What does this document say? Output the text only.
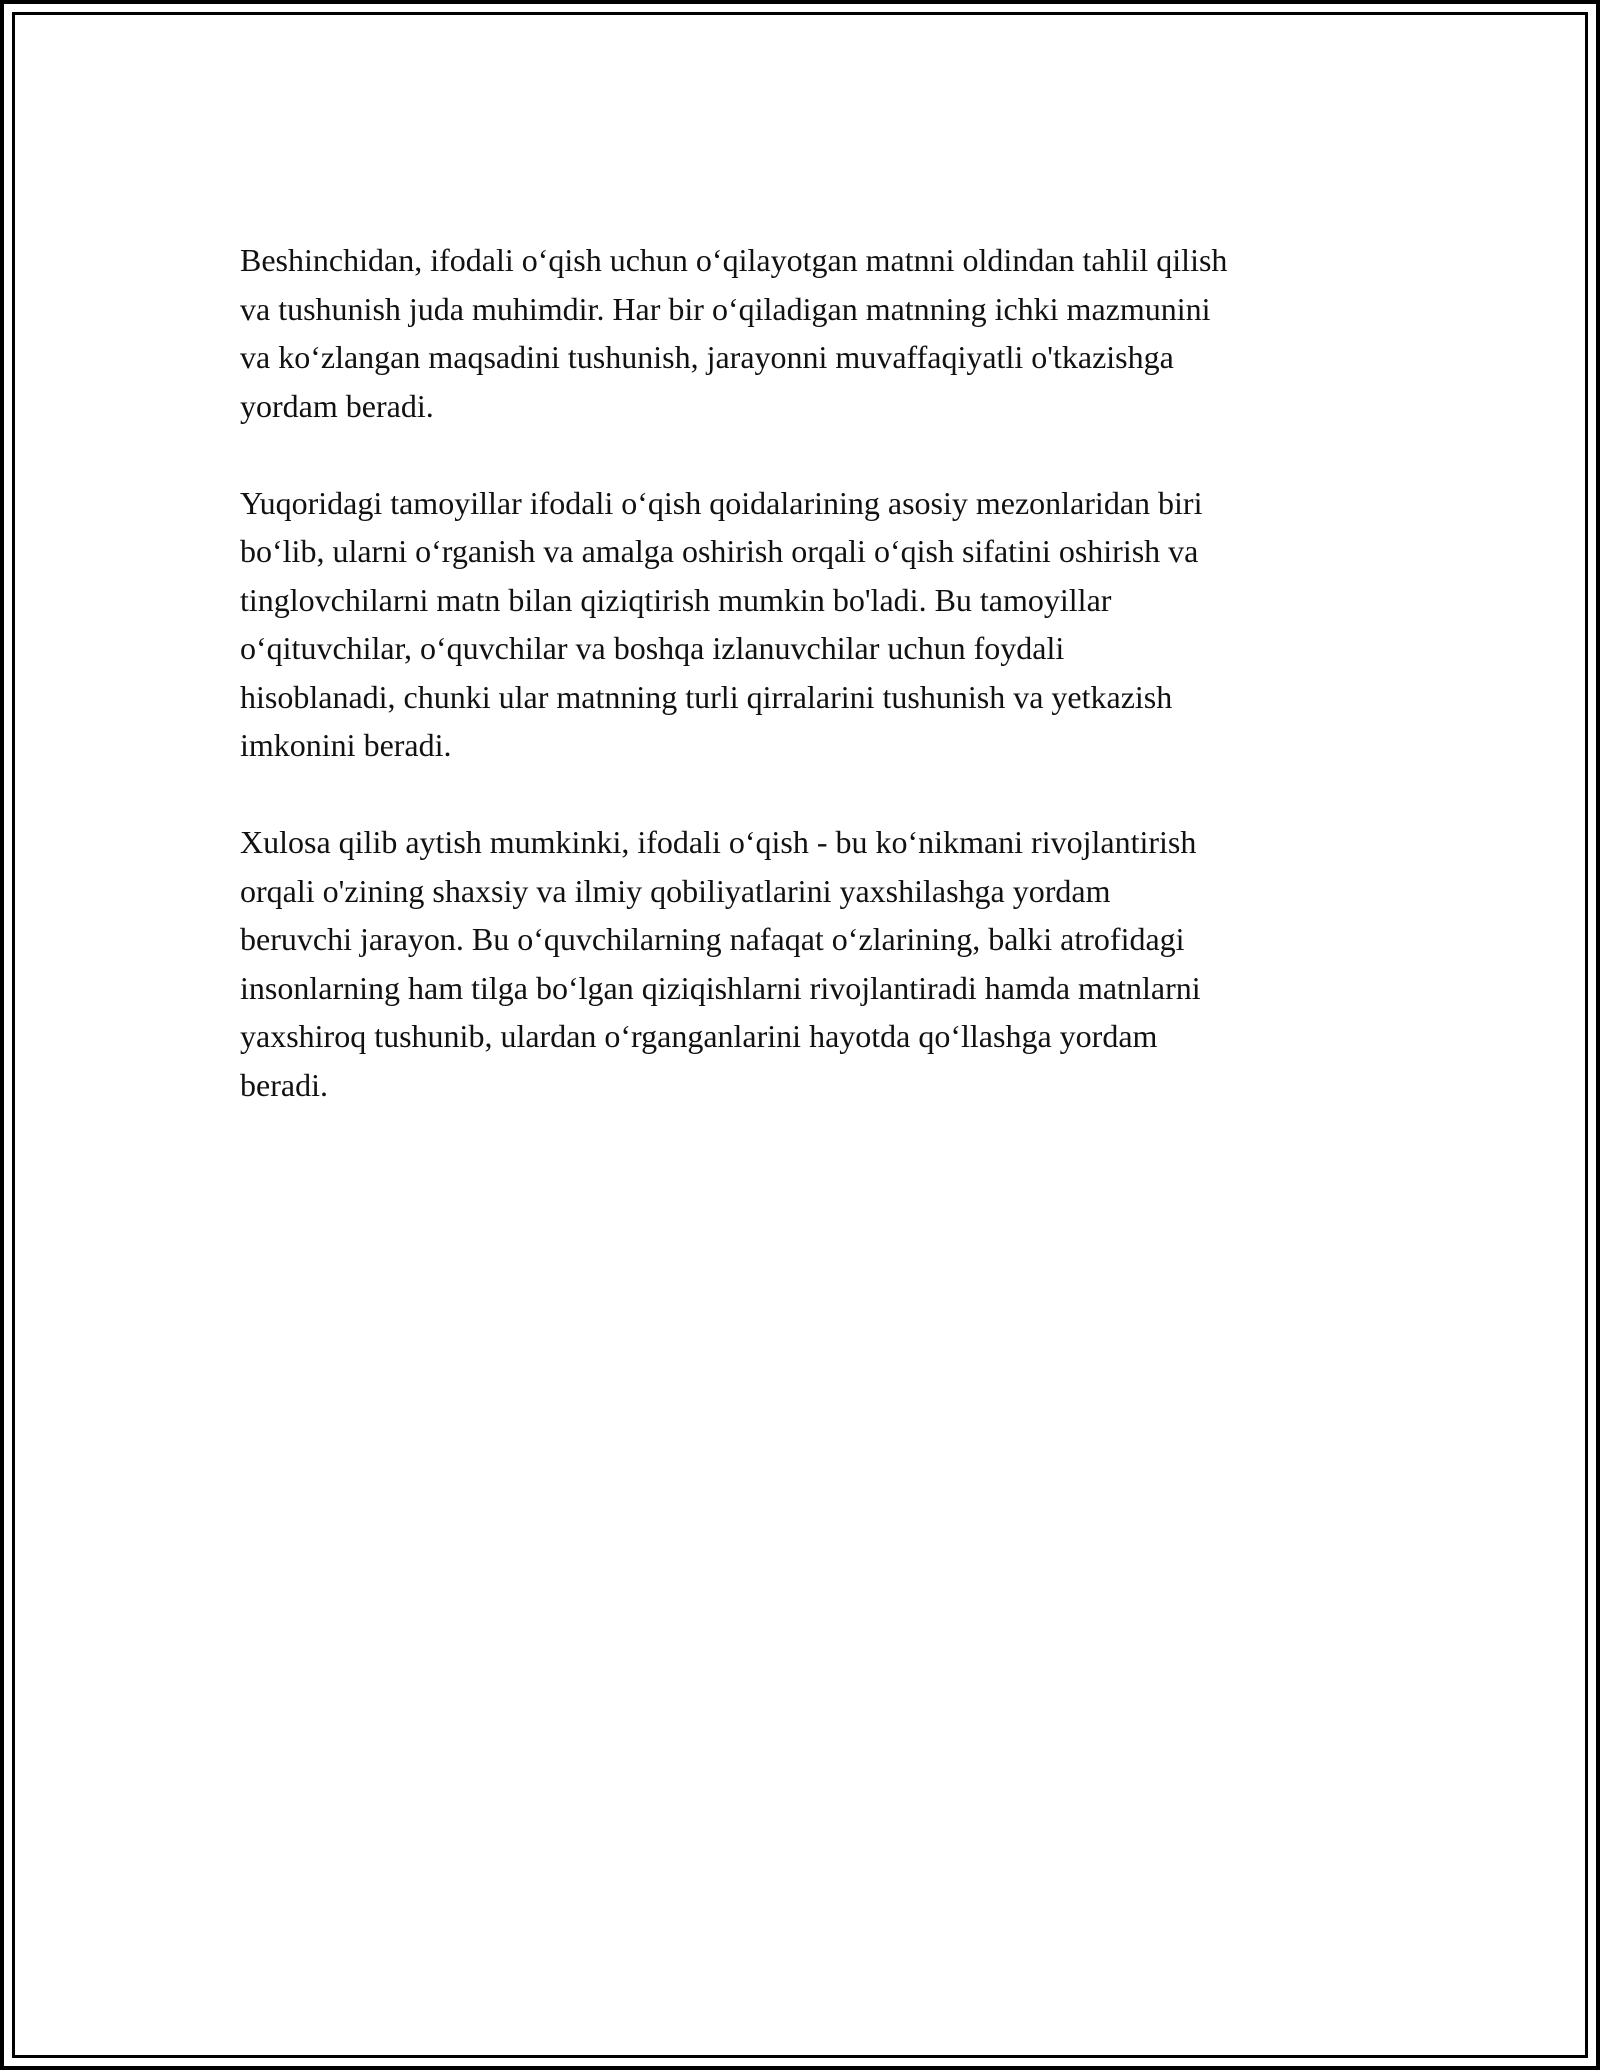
Beshinchidan, ifodali o‘qish uchun o‘qilayotgan matnni oldindan tahlil qilish
va tushunish juda muhimdir. Har bir o‘qiladigan matnning ichki mazmunini
va ko‘zlangan maqsadini tushunish, jarayonni muvaffaqiyatli o'tkazishga
yordam beradi.

Yuqoridagi tamoyillar ifodali o‘qish qoidalarining asosiy mezonlaridan biri
bo‘lib, ularni o‘rganish va amalga oshirish orqali o‘qish sifatini oshirish va
tinglovchilarni matn bilan qiziqtirish mumkin bo'ladi. Bu tamoyillar
o‘qituvchilar, o‘quvchilar va boshqa izlanuvchilar uchun foydali
hisoblanadi, chunki ular matnning turli qirralarini tushunish va yetkazish
imkonini beradi.

Xulosa qilib aytish mumkinki, ifodali o‘qish - bu ko‘nikmani rivojlantirish
orqali o'zining shaxsiy va ilmiy qobiliyatlarini yaxshilashga yordam
beruvchi jarayon. Bu o‘quvchilarning nafaqat o‘zlarining, balki atrofidagi
insonlarning ham tilga bo‘lgan qiziqishlarni rivojlantiradi hamda matnlarni
yaxshiroq tushunib, ulardan o‘rganganlarini hayotda qo‘llashga yordam
beradi.
